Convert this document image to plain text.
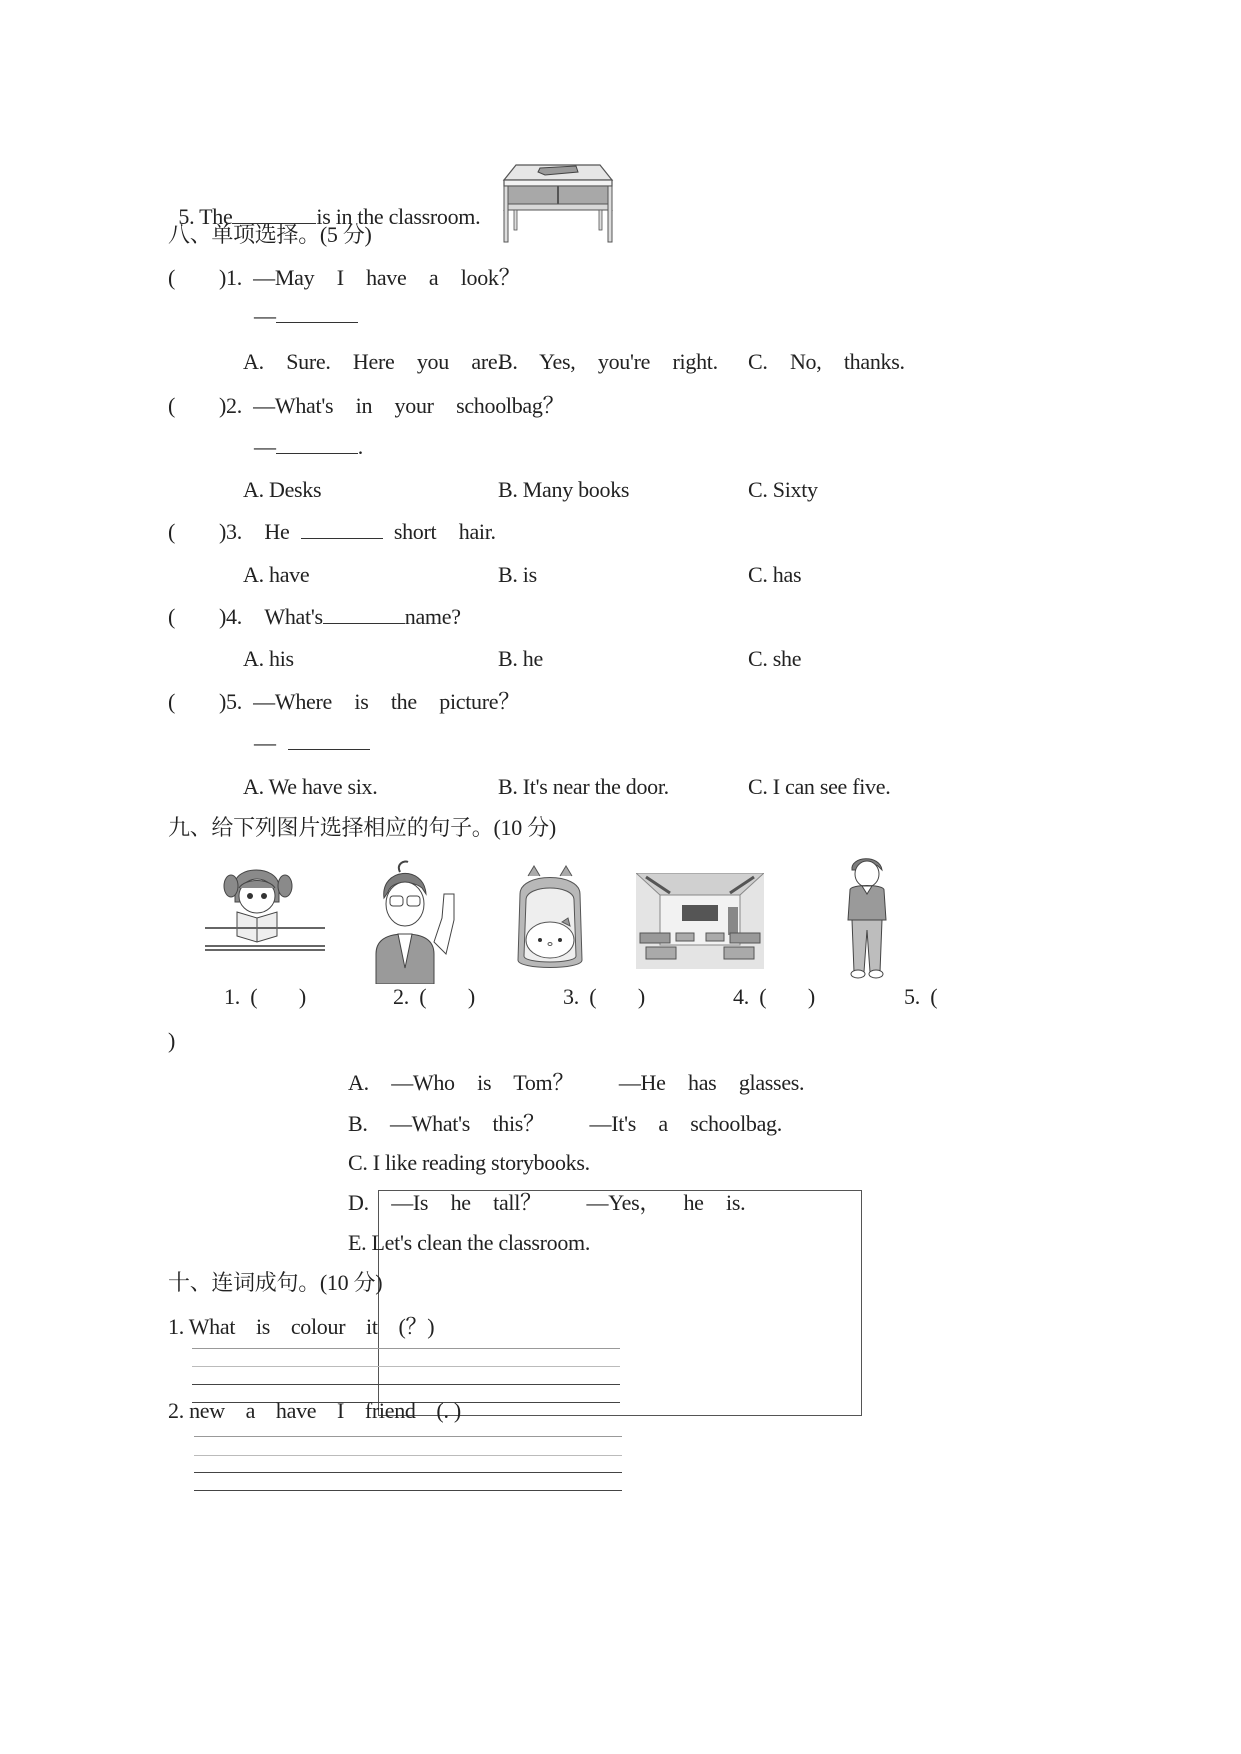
5. The	is in the classroom.

八、单项选择。(5 分)
( )1. —May  I  have  a  look？
—
A.  Sure.  Here  you  are.
B.  Yes,  you're  right. C.  No,  thanks.
( )2. —What's  in  your  schoolbag？
—	.
A. Desks	B. Many books	C. Sixty
( )3. He	short  hair.
A. have	B. is	C. has
( )4. What's	name?
A. his	B. he	C. she
( )5. —Where  is  the  picture？
—
A. We have six.	B. It's near the door.	C. I can see five.
九、给下列图片选择相应的句子。(10 分)
1.  (        )	2.  (        )	3.  (        )	4.  (        )	5.  (
)
A.  —Who  is  Tom？    —He  has  glasses.
B.  —What's  this？    —It's  a  schoolbag.
C. I like reading storybooks.
D.  —Is  he  tall？    —Yes，  he  is.
E. Let's clean the classroom.
十、连词成句。(10 分)
1. What    is    colour    it    (？)
2. new    a    have    I    friend    (. )
